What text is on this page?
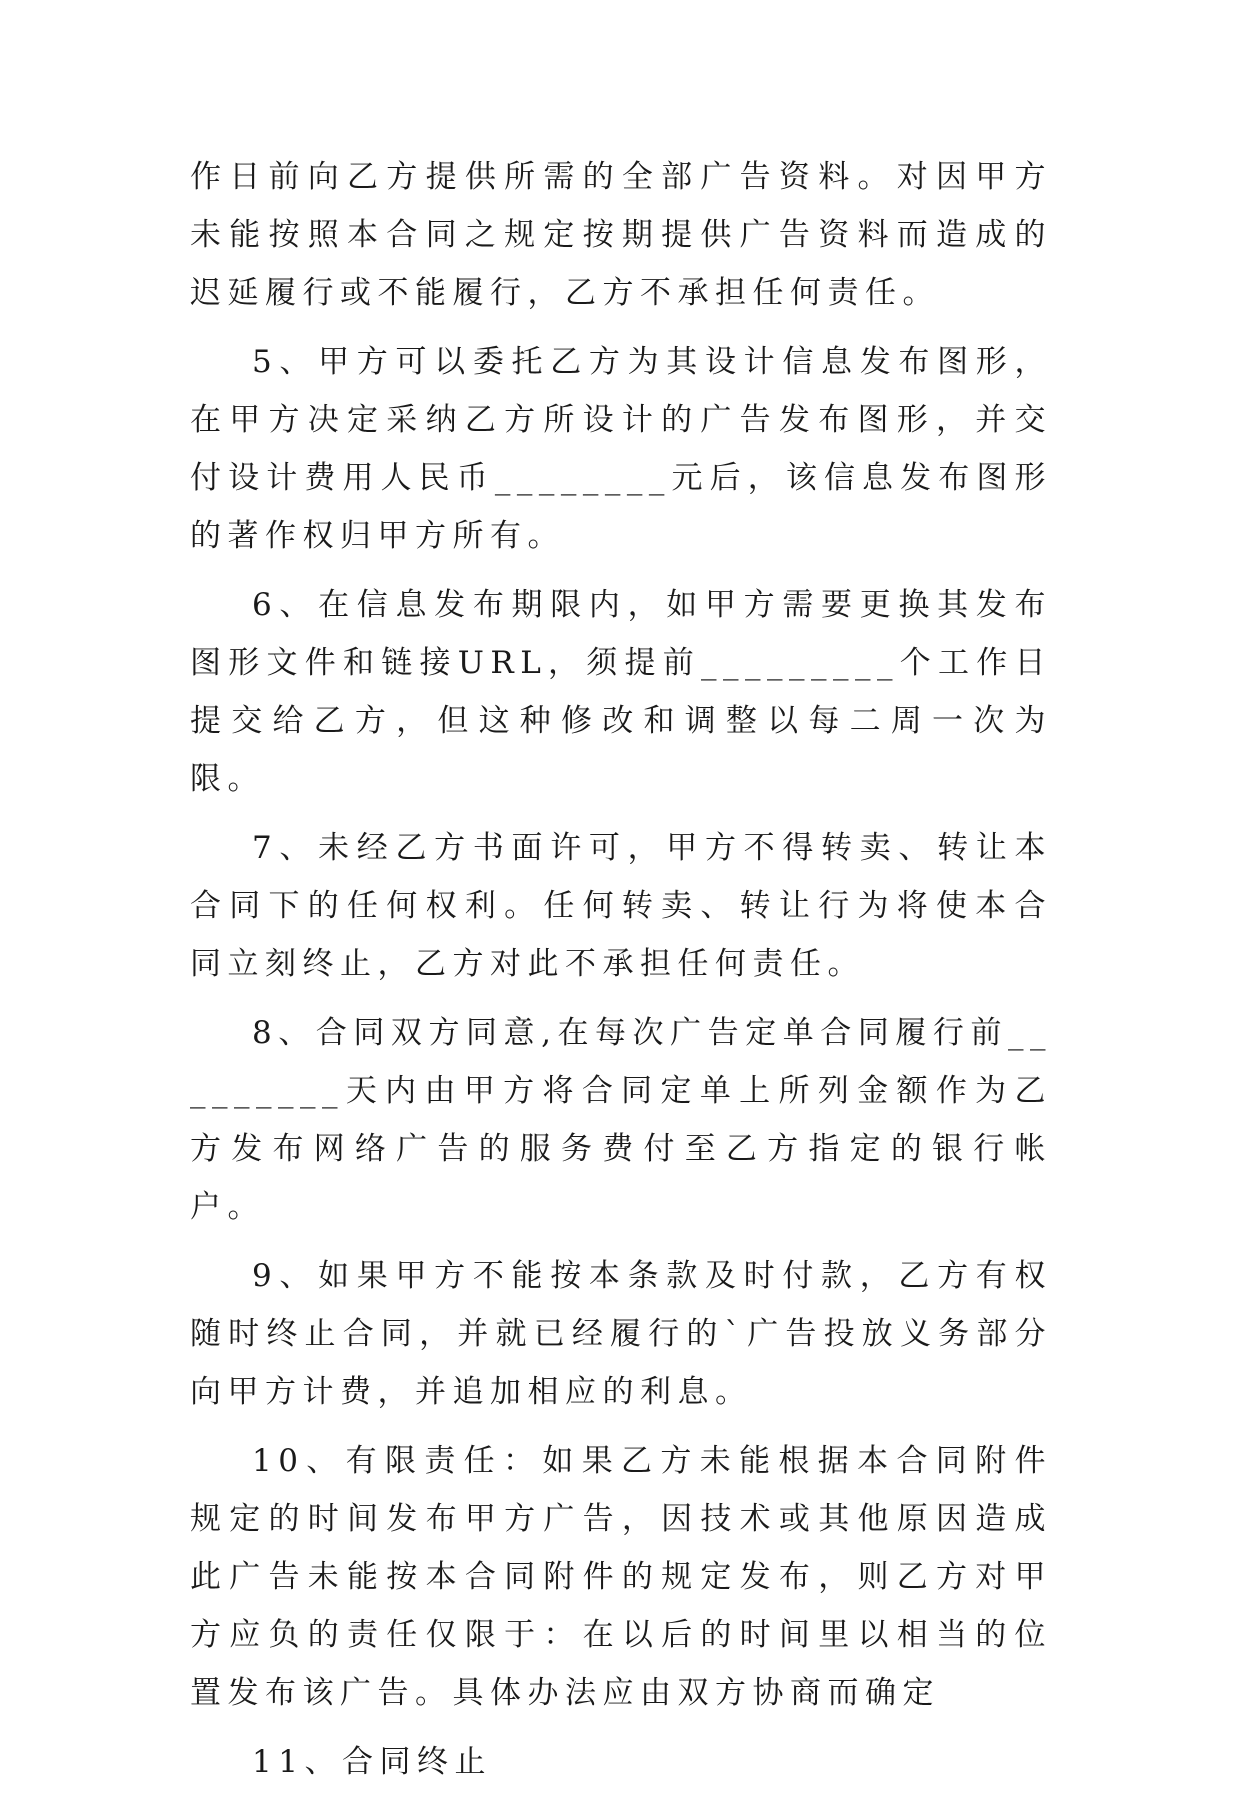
作日前向乙方提供所需的全部广告资料。对因甲方未能按照本合同之规定按期提供广告资料而造成的迟延履行或不能履行，乙方不承担任何责任。

5、甲方可以委托乙方为其设计信息发布图形，在甲方决定采纳乙方所设计的广告发布图形，并交付设计费用人民币________元后，该信息发布图形的著作权归甲方所有。

6、在信息发布期限内，如甲方需要更换其发布图形文件和链接URL，须提前_________个工作日提交给乙方，但这种修改和调整以每二周一次为限。

7、未经乙方书面许可，甲方不得转卖、转让本合同下的任何权利。任何转卖、转让行为将使本合同立刻终止，乙方对此不承担任何责任。

8、合同双方同意,在每次广告定单合同履行前_________天内由甲方将合同定单上所列金额作为乙方发布网络广告的服务费付至乙方指定的银行帐户。

9、如果甲方不能按本条款及时付款，乙方有权随时终止合同，并就已经履行的`广告投放义务部分向甲方计费，并追加相应的利息。

10、有限责任：如果乙方未能根据本合同附件规定的时间发布甲方广告，因技术或其他原因造成此广告未能按本合同附件的规定发布，则乙方对甲方应负的责任仅限于：在以后的时间里以相当的位置发布该广告。具体办法应由双方协商而确定

11、合同终止
